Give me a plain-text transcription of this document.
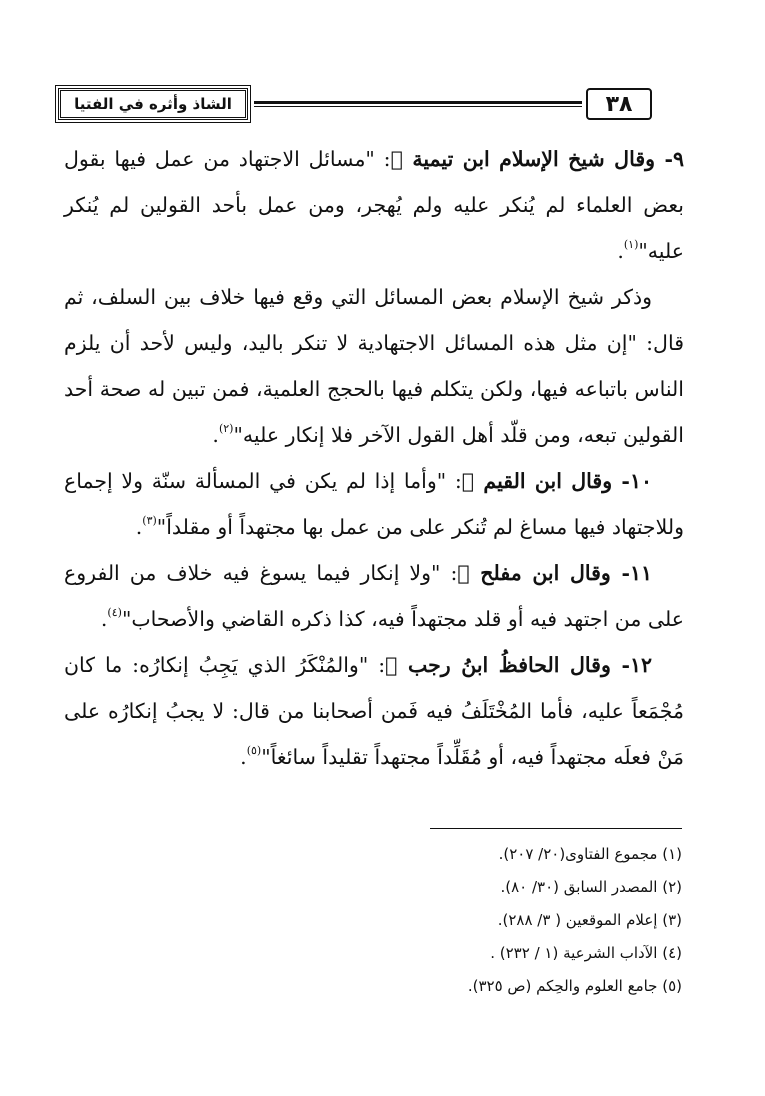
الشاذ وأثره في الفتيا	٣٨

٩- وقال شيخ الإسلام ابن تيمية ﷫: "مسائل الاجتهاد من عمل فيها بقول بعض العلماء لم يُنكر عليه ولم يُهجر، ومن عمل بأحد القولين لم يُنكر عليه"$^{(١)}$.

وذكر شيخ الإسلام بعض المسائل التي وقع فيها خلاف بين السلف، ثم قال: "إن مثل هذه المسائل الاجتهادية لا تنكر باليد، وليس لأحد أن يلزم الناس باتباعه فيها، ولكن يتكلم فيها بالحجج العلمية، فمن تبين له صحة أحد القولين تبعه، ومن قلّد أهل القول الآخر فلا إنكار عليه"$^{(٢)}$.

١٠- وقال ابن القيم ﷫: "وأما إذا لم يكن في المسألة سنّة ولا إجماع وللاجتهاد فيها مساغ لم تُنكر على من عمل بها مجتهداً أو مقلداً"$^{(٣)}$.

١١- وقال ابن مفلح ﷫: "ولا إنكار فيما يسوغ فيه خلاف من الفروع على من اجتهد فيه أو قلد مجتهداً فيه، كذا ذكره القاضي والأصحاب"$^{(٤)}$.

١٢- وقال الحافظُ ابنُ رجب ﷫: "والمُنْكَرُ الذي يَجِبُ إنكارُه: ما كان مُجْمَعاً عليه، فأما المُخْتَلَفُ فيه فَمن أصحابنا من قال: لا يجبُ إنكارُه على مَنْ فعلَه مجتهداً فيه، أو مُقَلِّداً مجتهداً تقليداً سائغاً"$^{(٥)}$.

(١) مجموع الفتاوى(٢٠/ ٢٠٧).
(٢) المصدر السابق (٣٠/ ٨٠).
(٣) إعلام الموقعين ( ٣/ ٢٨٨).
(٤) الآداب الشرعية (١ / ٢٣٢) .
(٥) جامع العلوم والحِكم (ص ٣٢٥).
